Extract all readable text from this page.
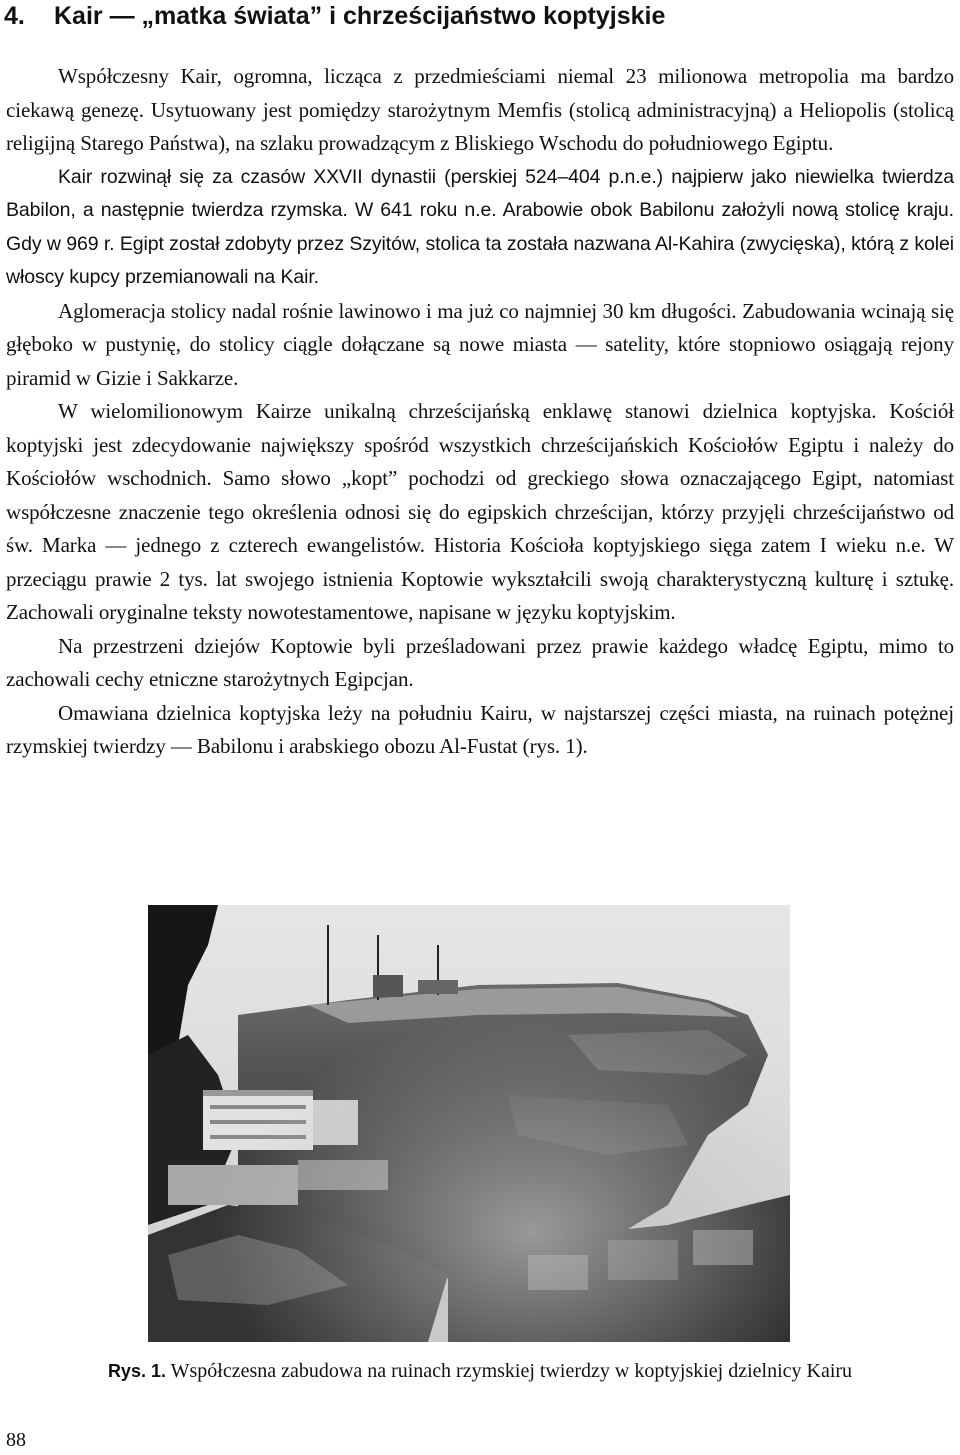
4. Kair — „matka świata” i chrześcijaństwo koptyjskie

Współczesny Kair, ogromna, licząca z przedmieściami niemal 23 milionowa metropolia ma bardzo ciekawą genezę. Usytuowany jest pomiędzy starożytnym Memfis (stolicą administracyjną) a Heliopolis (stolicą religijną Starego Państwa), na szlaku prowadzącym z Bliskiego Wschodu do południowego Egiptu.

Kair rozwinął się za czasów XXVII dynastii (perskiej 524–404 p.n.e.) najpierw jako niewielka twierdza Babilon, a następnie twierdza rzymska. W 641 roku n.e. Arabowie obok Babilonu założyli nową stolicę kraju. Gdy w 969 r. Egipt został zdobyty przez Szyitów, stolica ta została nazwana Al-Kahira (zwycięska), którą z kolei włoscy kupcy przemianowali na Kair.

Aglomeracja stolicy nadal rośnie lawinowo i ma już co najmniej 30 km długości. Zabudowania wcinają się głęboko w pustynię, do stolicy ciągle dołączane są nowe miasta — satelity, które stopniowo osiągają rejony piramid w Gizie i Sakkarze.

W wielomilionowym Kairze unikalną chrześcijańską enklawę stanowi dzielnica koptyjska. Kościół koptyjski jest zdecydowanie największy spośród wszystkich chrześcijańskich Kościołów Egiptu i należy do Kościołów wschodnich. Samo słowo „kopt” pochodzi od greckiego słowa oznaczającego Egipt, natomiast współczesne znaczenie tego określenia odnosi się do egipskich chrześcijan, którzy przyjęli chrześcijaństwo od św. Marka — jednego z czterech ewangelistów. Historia Kościoła koptyjskiego sięga zatem I wieku n.e. W przeciągu prawie 2 tys. lat swojego istnienia Koptowie wykształcili swoją charakterystyczną kulturę i sztukę. Zachowali oryginalne teksty nowotestamentowe, napisane w języku koptyjskim.

Na przestrzeni dziejów Koptowie byli prześladowani przez prawie każdego władcę Egiptu, mimo to zachowali cechy etniczne starożytnych Egipcjan.

Omawiana dzielnica koptyjska leży na południu Kairu, w najstarszej części miasta, na ruinach potężnej rzymskiej twierdzy — Babilonu i arabskiego obozu Al-Fustat (rys. 1).

Rys. 1. Współczesna zabudowa na ruinach rzymskiej twierdzy w koptyjskiej dzielnicy Kairu
88
